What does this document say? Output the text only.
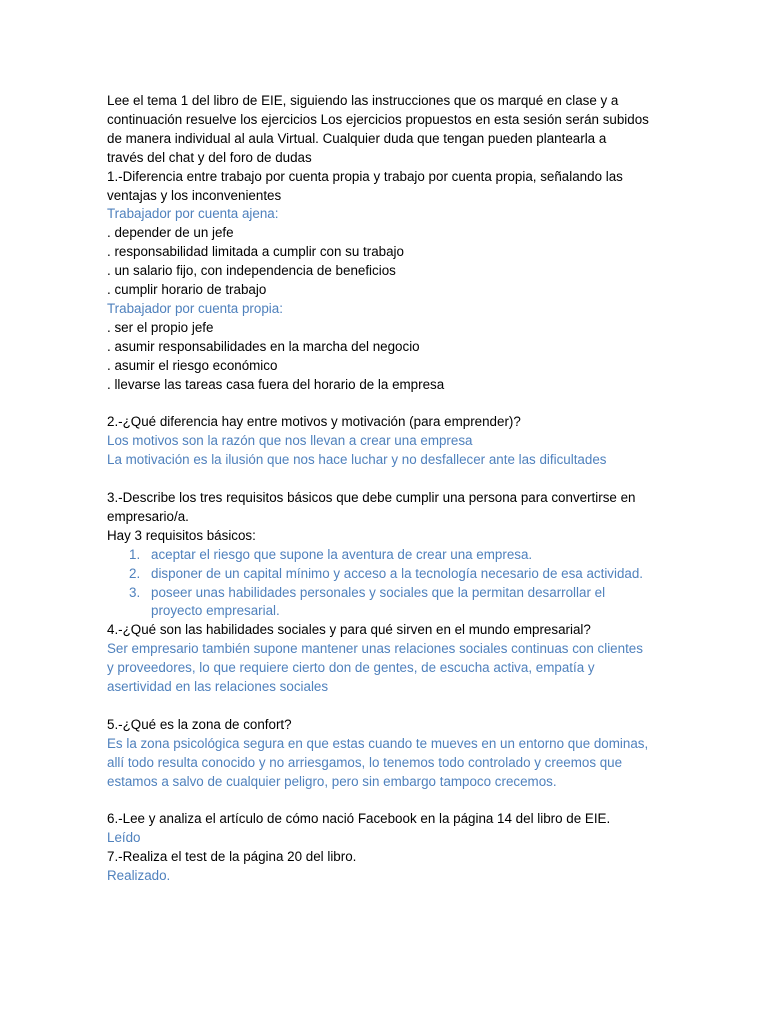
Lee el tema 1 del libro de EIE, siguiendo las instrucciones que os marqué en clase y a
continuación resuelve los ejercicios Los ejercicios propuestos en esta sesión serán subidos
de manera individual al aula Virtual. Cualquier duda que tengan pueden plantearla a
través del chat y del foro de dudas
1.-Diferencia entre trabajo por cuenta propia y trabajo por cuenta propia, señalando las
ventajas y los inconvenientes
Trabajador por cuenta ajena:
. depender de un jefe
. responsabilidad limitada a cumplir con su trabajo
. un salario fijo, con independencia de beneficios
. cumplir horario de trabajo
Trabajador por cuenta propia:
. ser el propio jefe
. asumir responsabilidades en la marcha del negocio
. asumir el riesgo económico
. llevarse las tareas casa fuera del horario de la empresa
2.-¿Qué diferencia hay entre motivos y motivación (para emprender)?
Los motivos son la razón que nos llevan a crear una empresa
La motivación es la ilusión que nos hace luchar y no desfallecer ante las dificultades
3.-Describe los tres requisitos básicos que debe cumplir una persona para convertirse en
empresario/a.
Hay 3 requisitos básicos:
1. aceptar el riesgo que supone la aventura de crear una empresa.
2. disponer de un capital mínimo y acceso a la tecnología necesario de esa actividad.
3. poseer unas habilidades personales y sociales que la permitan desarrollar el
proyecto empresarial.
4.-¿Qué son las habilidades sociales y para qué sirven en el mundo empresarial?
Ser empresario también supone mantener unas relaciones sociales continuas con clientes
y proveedores, lo que requiere cierto don de gentes, de escucha activa, empatía y
asertividad en las relaciones sociales
5.-¿Qué es la zona de confort?
Es la zona psicológica segura en que estas cuando te mueves en un entorno que dominas,
allí todo resulta conocido y no arriesgamos, lo tenemos todo controlado y creemos que
estamos a salvo de cualquier peligro, pero sin embargo tampoco crecemos.
6.-Lee y analiza el artículo de cómo nació Facebook en la página 14 del libro de EIE.
Leído
7.-Realiza el test de la página 20 del libro.
Realizado.
